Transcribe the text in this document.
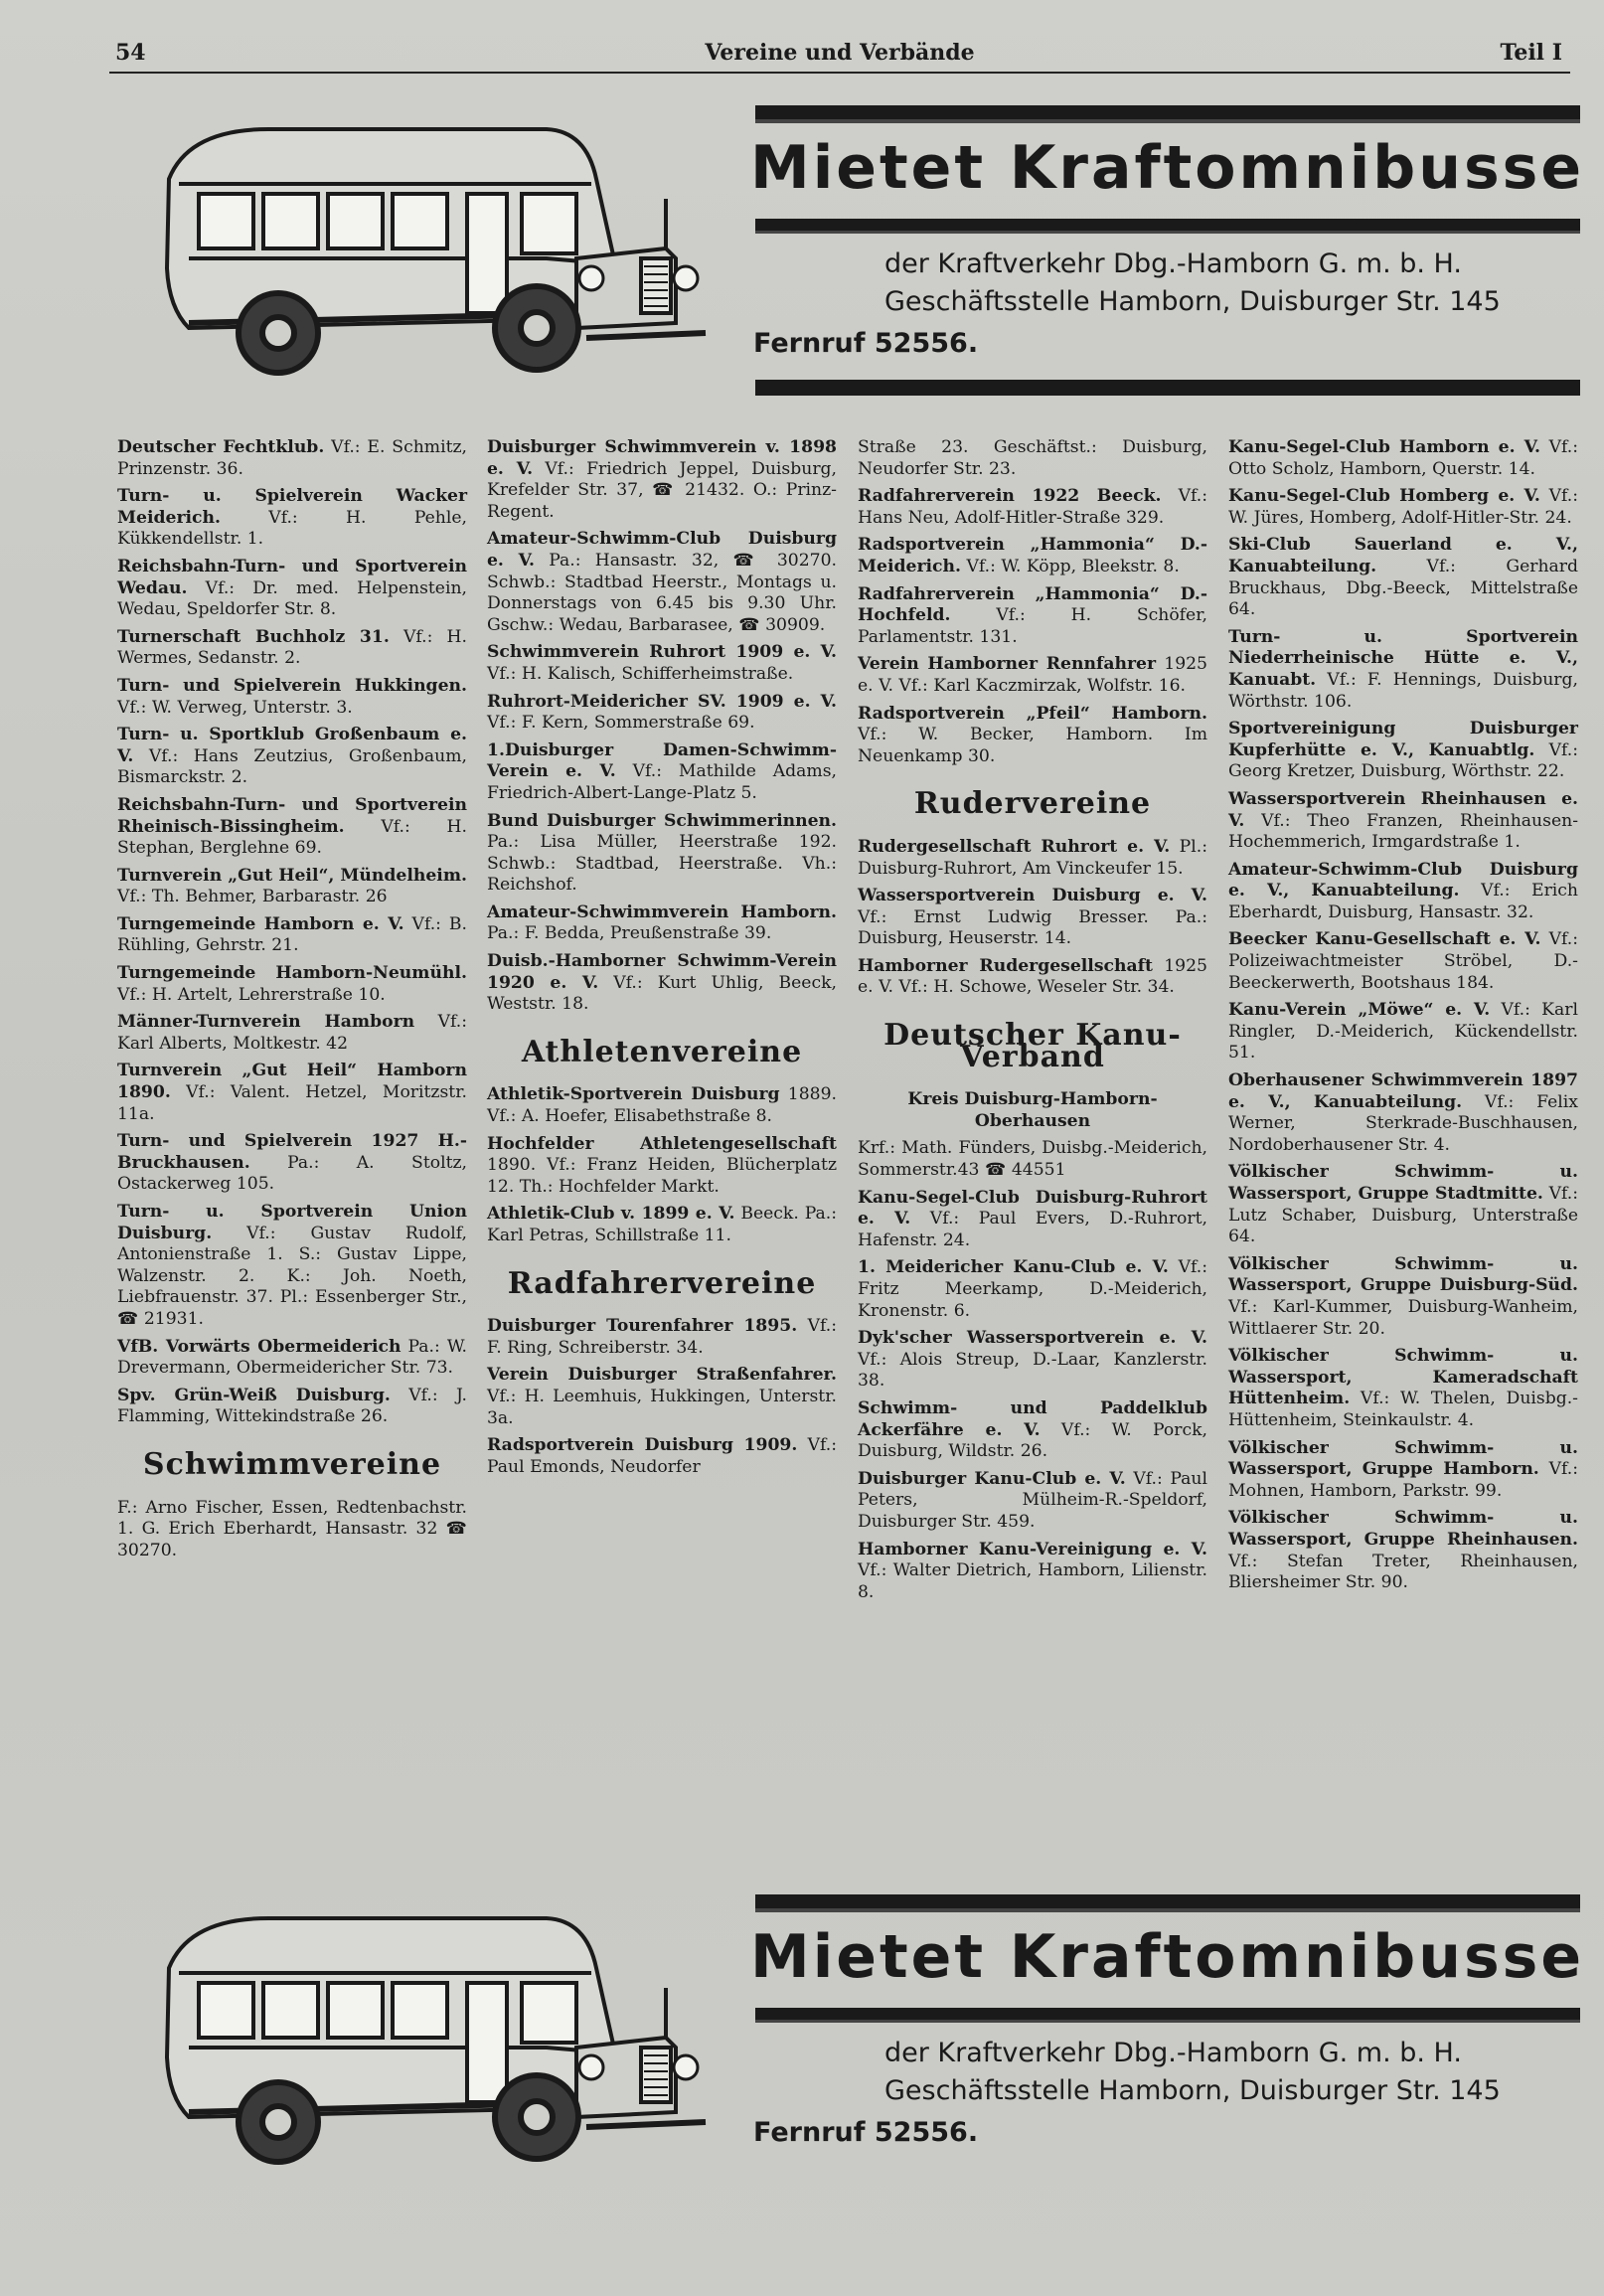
54	Vereine und Verbände	Teil I
Mietet Kraftomnibusse
der Kraftverkehr Dbg.-Hamborn G. m. b. H.
Geschäftsstelle Hamborn, Duisburger Str. 145
Fernruf 52556.

Deutscher Fechtklub. Vf.: E. Schmitz, Prinzenstr. 36.

Turn- u. Spielverein Wacker Meiderich. Vf.: H. Pehle, Kükkendellstr. 1.

Reichsbahn-Turn- und Sportverein Wedau. Vf.: Dr. med. Helpenstein, Wedau, Speldorfer Str. 8.

Turnerschaft Buchholz 31. Vf.: H. Wermes, Sedanstr. 2.

Turn- und Spielverein Hukkingen. Vf.: W. Verweg, Unterstr. 3.

Turn- u. Sportklub Großenbaum e. V. Vf.: Hans Zeutzius, Großenbaum, Bismarckstr. 2.

Reichsbahn-Turn- und Sportverein Rheinisch-Bissingheim. Vf.: H. Stephan, Berglehne 69.

Turnverein „Gut Heil“, Mündelheim. Vf.: Th. Behmer, Barbarastr. 26

Turngemeinde Hamborn e. V. Vf.: B. Rühling, Gehrstr. 21.

Turngemeinde Hamborn-Neumühl. Vf.: H. Artelt, Lehrerstraße 10.

Männer-Turnverein Hamborn Vf.: Karl Alberts, Moltkestr. 42

Turnverein „Gut Heil“ Hamborn 1890. Vf.: Valent. Hetzel, Moritzstr. 11a.

Turn- und Spielverein 1927 H.-Bruckhausen. Pa.: A. Stoltz, Ostackerweg 105.

Turn- u. Sportverein Union Duisburg. Vf.: Gustav Rudolf, Antonienstraße 1. S.: Gustav Lippe, Walzenstr. 2. K.: Joh. Noeth, Liebfrauenstr. 37. Pl.: Essenberger Str., ☎ 21931.

VfB. Vorwärts Obermeiderich Pa.: W. Drevermann, Obermeidericher Str. 73.

Spv. Grün-Weiß Duisburg. Vf.: J. Flamming, Wittekindstraße 26.

Schwimmvereine

F.: Arno Fischer, Essen, Redtenbachstr. 1. G. Erich Eberhardt, Hansastr. 32 ☎ 30270.

Duisburger Schwimmverein v. 1898 e. V. Vf.: Friedrich Jeppel, Duisburg, Krefelder Str. 37, ☎ 21432. O.: Prinz-Regent.

Amateur-Schwimm-Club Duisburg e. V. Pa.: Hansastr. 32, ☎ 30270. Schwb.: Stadtbad Heerstr., Montags u. Donnerstags von 6.45 bis 9.30 Uhr. Gschw.: Wedau, Barbarasee, ☎ 30909.

Schwimmverein Ruhrort 1909 e. V. Vf.: H. Kalisch, Schifferheimstraße.

Ruhrort-Meidericher SV. 1909 e. V. Vf.: F. Kern, Sommerstraße 69.

1.Duisburger Damen-Schwimm-Verein e. V. Vf.: Mathilde Adams, Friedrich-Albert-Lange-Platz 5.

Bund Duisburger Schwimmerinnen. Pa.: Lisa Müller, Heerstraße 192. Schwb.: Stadtbad, Heerstraße. Vh.: Reichshof.

Amateur-Schwimmverein Hamborn. Pa.: F. Bedda, Preußenstraße 39.

Duisb.-Hamborner Schwimm-Verein 1920 e. V. Vf.: Kurt Uhlig, Beeck, Weststr. 18.

Athletenvereine

Athletik-Sportverein Duisburg 1889. Vf.: A. Hoefer, Elisabethstraße 8.

Hochfelder Athletengesellschaft 1890. Vf.: Franz Heiden, Blücherplatz 12. Th.: Hochfelder Markt.

Athletik-Club v. 1899 e. V. Beeck. Pa.: Karl Petras, Schillstraße 11.

Radfahrervereine

Duisburger Tourenfahrer 1895. Vf.: F. Ring, Schreiberstr. 34.

Verein Duisburger Straßenfahrer. Vf.: H. Leemhuis, Hukkingen, Unterstr. 3a.

Radsportverein Duisburg 1909. Vf.: Paul Emonds, Neudorfer

Straße 23. Geschäftst.: Duisburg, Neudorfer Str. 23.

Radfahrerverein 1922 Beeck. Vf.: Hans Neu, Adolf-Hitler-Straße 329.

Radsportverein „Hammonia“ D.-Meiderich. Vf.: W. Köpp, Bleekstr. 8.

Radfahrerverein „Hammonia“ D.-Hochfeld. Vf.: H. Schöfer, Parlamentstr. 131.

Verein Hamborner Rennfahrer 1925 e. V. Vf.: Karl Kaczmirzak, Wolfstr. 16.

Radsportverein „Pfeil“ Hamborn. Vf.: W. Becker, Hamborn. Im Neuenkamp 30.

Rudervereine

Rudergesellschaft Ruhrort e. V. Pl.: Duisburg-Ruhrort, Am Vinckeufer 15.

Wassersportverein Duisburg e. V. Vf.: Ernst Ludwig Bresser. Pa.: Duisburg, Heuserstr. 14.

Hamborner Rudergesellschaft 1925 e. V. Vf.: H. Schowe, Weseler Str. 34.

Deutscher Kanu-Verband

Kreis Duisburg-Hamborn-Oberhausen

Krf.: Math. Fünders, Duisbg.-Meiderich, Sommerstr.43 ☎ 44551

Kanu-Segel-Club Duisburg-Ruhrort e. V. Vf.: Paul Evers, D.-Ruhrort, Hafenstr. 24.

1. Meidericher Kanu-Club e. V. Vf.: Fritz Meerkamp, D.-Meiderich, Kronenstr. 6.

Dyk'scher Wassersportverein e. V. Vf.: Alois Streup, D.-Laar, Kanzlerstr. 38.

Schwimm- und Paddelklub Ackerfähre e. V. Vf.: W. Porck, Duisburg, Wildstr. 26.

Duisburger Kanu-Club e. V. Vf.: Paul Peters, Mülheim-R.-Speldorf, Duisburger Str. 459.

Hamborner Kanu-Vereinigung e. V. Vf.: Walter Dietrich, Hamborn, Lilienstr. 8.

Kanu-Segel-Club Hamborn e. V. Vf.: Otto Scholz, Hamborn, Querstr. 14.

Kanu-Segel-Club Homberg e. V. Vf.: W. Jüres, Homberg, Adolf-Hitler-Str. 24.

Ski-Club Sauerland e. V., Kanuabteilung. Vf.: Gerhard Bruckhaus, Dbg.-Beeck, Mittelstraße 64.

Turn- u. Sportverein Niederrheinische Hütte e. V., Kanuabt. Vf.: F. Hennings, Duisburg, Wörthstr. 106.

Sportvereinigung Duisburger Kupferhütte e. V., Kanuabtlg. Vf.: Georg Kretzer, Duisburg, Wörthstr. 22.

Wassersportverein Rheinhausen e. V. Vf.: Theo Franzen, Rheinhausen-Hochemmerich, Irmgardstraße 1.

Amateur-Schwimm-Club Duisburg e. V., Kanuabteilung. Vf.: Erich Eberhardt, Duisburg, Hansastr. 32.

Beecker Kanu-Gesellschaft e. V. Vf.: Polizeiwachtmeister Ströbel, D.-Beeckerwerth, Bootshaus 184.

Kanu-Verein „Möwe“ e. V. Vf.: Karl Ringler, D.-Meiderich, Kückendellstr. 51.

Oberhausener Schwimmverein 1897 e. V., Kanuabteilung. Vf.: Felix Werner, Sterkrade-Buschhausen, Nordoberhausener Str. 4.

Völkischer Schwimm- u. Wassersport, Gruppe Stadtmitte. Vf.: Lutz Schaber, Duisburg, Unterstraße 64.

Völkischer Schwimm- u. Wassersport, Gruppe Duisburg-Süd. Vf.: Karl-Kummer, Duisburg-Wanheim, Wittlaerer Str. 20.

Völkischer Schwimm- u. Wassersport, Kameradschaft Hüttenheim. Vf.: W. Thelen, Duisbg.-Hüttenheim, Steinkaulstr. 4.

Völkischer Schwimm- u. Wassersport, Gruppe Hamborn. Vf.: Mohnen, Hamborn, Parkstr. 99.

Völkischer Schwimm- u. Wassersport, Gruppe Rheinhausen. Vf.: Stefan Treter, Rheinhausen, Bliersheimer Str. 90.

Mietet Kraftomnibusse
der Kraftverkehr Dbg.-Hamborn G. m. b. H.
Geschäftsstelle Hamborn, Duisburger Str. 145
Fernruf 52556.
